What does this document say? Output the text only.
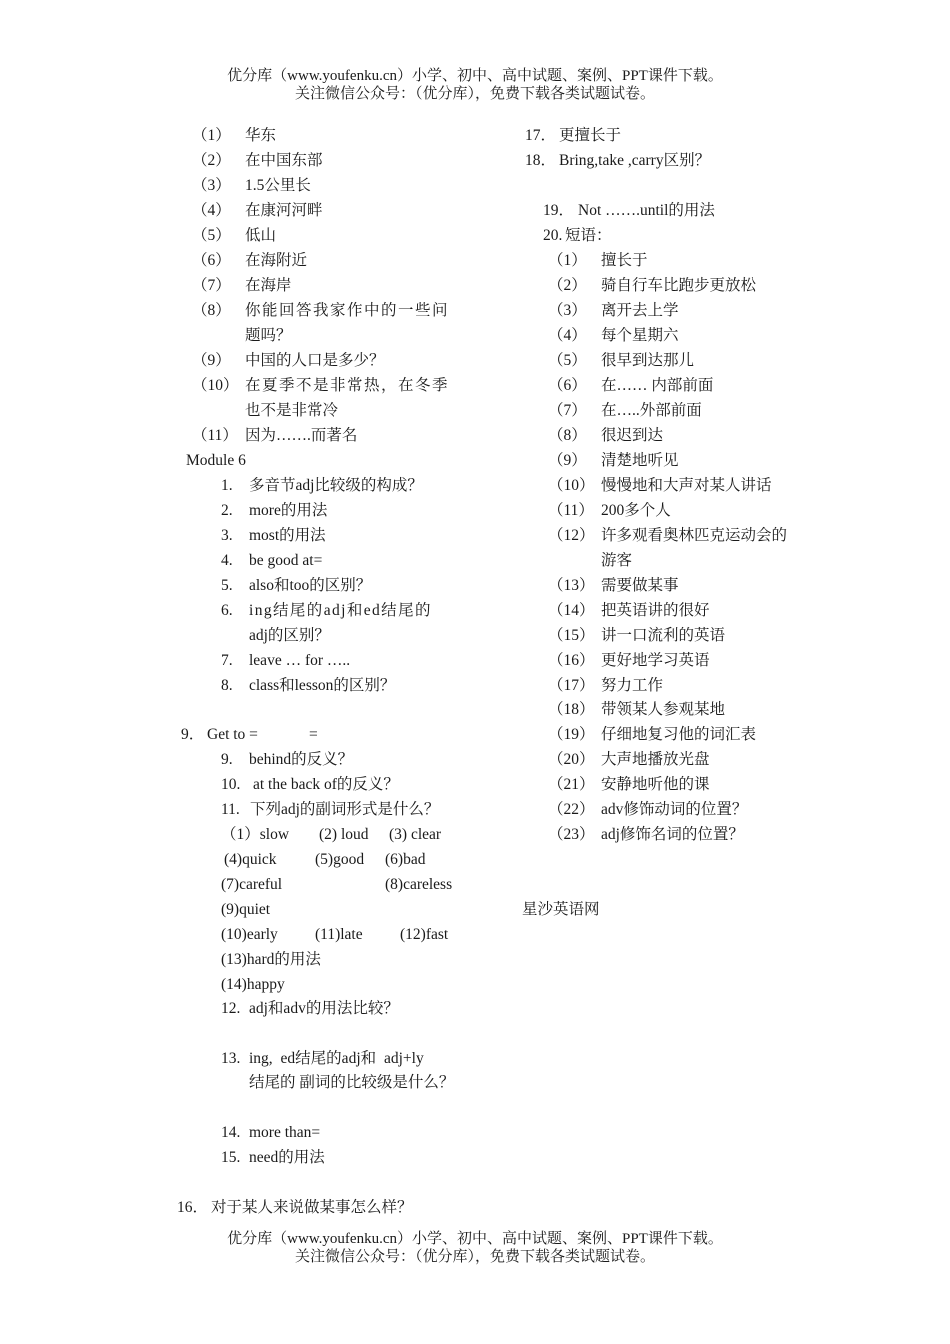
优分库（www.youfenku.cn）小学、初中、高中试题、案例、PPT课件下载。
关注微信公众号：（优分库），免费下载各类试题试卷。
（1） 华东
（2） 在中国东部
（3） 1.5公里长
（4） 在康河河畔
（5） 低山
（6） 在海附近
（7） 在海岸
（8） 你能回答我家作中的一些问
题吗？
（9） 中国的人口是多少？
（10） 在夏季不是非常热，在冬季
也不是非常冷
（11） 因为…….而著名
Module 6
1. 多音节adj比较级的构成？
2. more的用法
3. most的用法
4. be good at=
5. also和too的区别？
6. ing结尾的adj和ed结尾的
adj的区别？
7. leave … for …..
8. class和lesson的区别？
9． Get to =	=
9. behind的反义？
10. at the back of的反义？
11. 下列adj的副词形式是什么？
（1）slow (2) loud (3) clear
(4)quick (5)good (6)bad
(7)careful	(8)careless
(9)quiet
(10)early (11)late (12)fast
(13)hard的用法
(14)happy
12. adj和adv的用法比较？
13. ing, ed结尾的adj和 adj+ly
结尾的 副词的比较级是什么？
14. more than=
15. need的用法
16． 对于某人来说做某事怎么样？
17． 更擅长于
18． Bring,take ,carry区别？
19． Not …….until的用法
20. 短语：
（1） 擅长于
（2） 骑自行车比跑步更放松
（3） 离开去上学
（4） 每个星期六
（5） 很早到达那儿
（6） 在…… 内部前面
（7） 在…..外部前面
（8） 很迟到达
（9） 清楚地听见
（10） 慢慢地和大声对某人讲话
（11） 200多个人
（12） 许多观看奥林匹克运动会的
游客
（13） 需要做某事
（14） 把英语讲的很好
（15） 讲一口流利的英语
（16） 更好地学习英语
（17） 努力工作
（18） 带领某人参观某地
（19） 仔细地复习他的词汇表
（20） 大声地播放光盘
（21） 安静地听他的课
（22） adv修饰动词的位置？
（23） adj修饰名词的位置？
星沙英语网
优分库（www.youfenku.cn）小学、初中、高中试题、案例、PPT课件下载。
关注微信公众号：（优分库），免费下载各类试题试卷。
